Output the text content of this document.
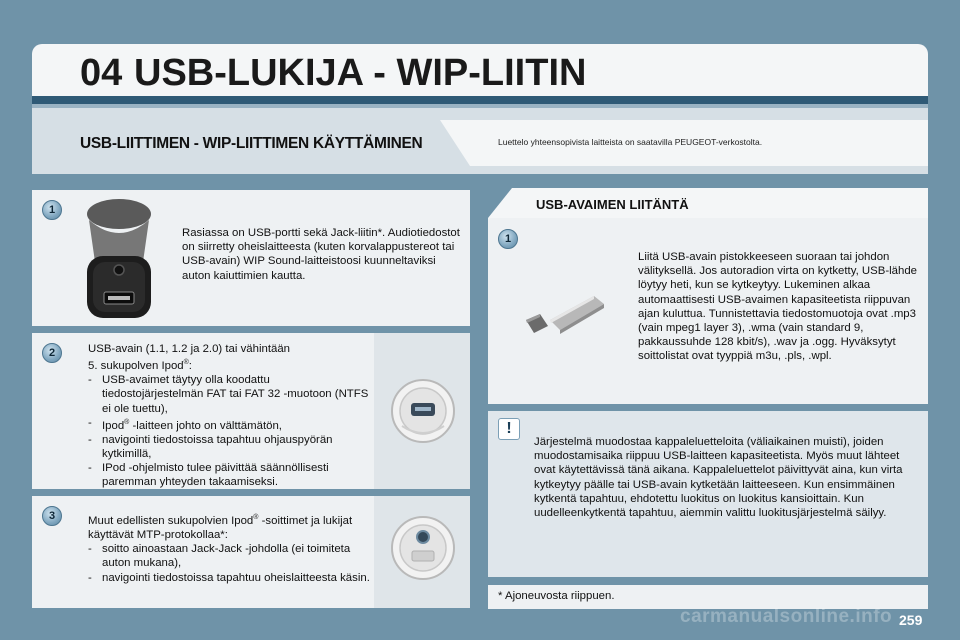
04 USB-LUKIJA - WIP-LIITIN
USB-LIITTIMEN - WIP-LIITTIMEN KÄYTTÄMINEN	Luettelo yhteensopivista laitteista on saatavilla PEUGEOT-verkostolta.
1
Rasiassa on USB-portti sekä Jack-liitin*. Audiotiedostot on siirretty oheislaitteesta (kuten korvalappustereot tai USB-avain) WIP Sound-laitteistoosi kuunneltaviksi auton kaiuttimien kautta.
2	USB-avain (1.1, 1.2 ja 2.0) tai vähintään
5. sukupolven Ipod®:
- USB-avaimet täytyy olla koodattu tiedostojärjestelmän FAT tai FAT 32 -muotoon (NTFS ei ole tuettu),
- Ipod® -laitteen johto on välttämätön,
- navigointi tiedostoissa tapahtuu ohjauspyörän kytkimillä,
- IPod -ohjelmisto tulee päivittää säännöllisesti paremman yhteyden takaamiseksi.
3	Muut edellisten sukupolvien Ipod® -soittimet ja lukijat käyttävät MTP-protokollaa*:
- soitto ainoastaan Jack-Jack -johdolla (ei toimiteta auton mukana),
- navigointi tiedostoissa tapahtuu oheislaitteesta käsin.
USB-AVAIMEN LIITÄNTÄ
1
Liitä USB-avain pistokkeeseen suoraan tai johdon välityksellä. Jos autoradion virta on kytketty, USB-lähde löytyy heti, kun se kytkeytyy. Lukeminen alkaa automaattisesti USB-avaimen kapasiteetista riippuvan ajan kuluttua. Tunnistettavia tiedostomuotoja ovat .mp3 (vain mpeg1 layer 3), .wma (vain standard 9, pakkaussuhde 128 kbit/s), .wav ja .ogg. Hyväksytyt soittolistat ovat tyyppiä m3u, .pls, .wpl.
!
Järjestelmä muodostaa kappaleluetteloita (väliaikainen muisti), joiden muodostamisaika riippuu USB-laitteen kapasiteetista. Myös muut lähteet ovat käytettävissä tänä aikana. Kappaleluettelot päivittyvät aina, kun virta kytkeytyy päälle tai USB-avain kytketään laitteeseen. Kun ensimmäinen kytkentä tapahtuu, ehdotettu luokitus on luokitus kansioittain. Kun uudelleenkytkentä tapahtuu, aiemmin valittu luokitusjärjestelmä säilyy.
* Ajoneuvosta riippuen.
carmanualsonline.info 259
